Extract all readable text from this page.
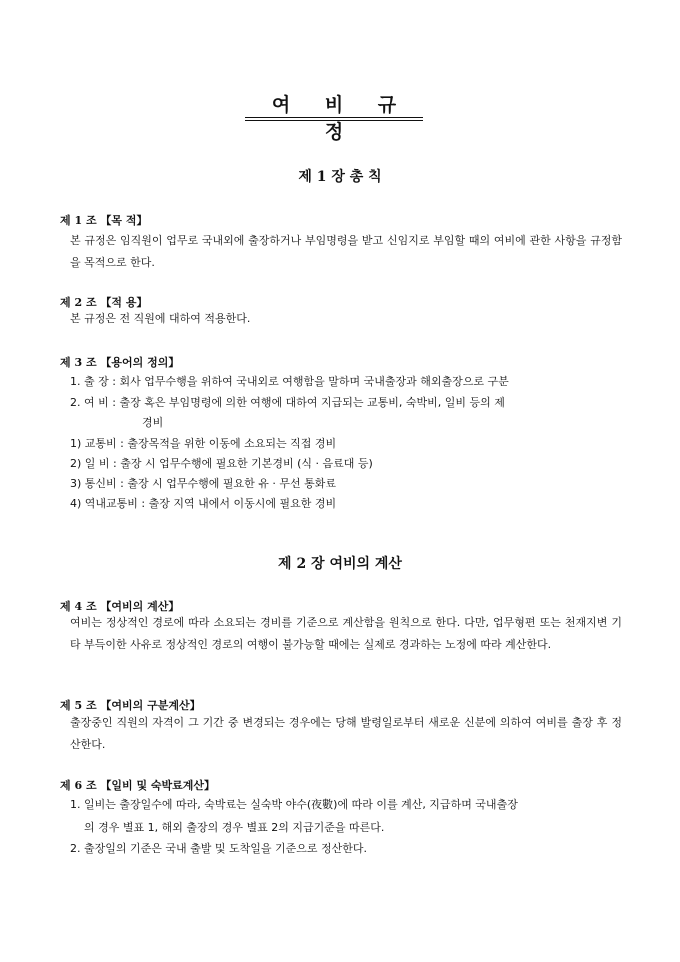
여 비 규 정
제 1 장 총 칙
제 1 조 【목 적】
본 규정은 임직원이 업무로 국내외에 출장하거나 부임명령을 받고 신임지로 부임할 때의 여비에 관한 사항을 규정함을 목적으로 한다.
제 2 조 【적 용】
본 규정은 전 직원에 대하여 적용한다.
제 3 조 【용어의 정의】
1. 출 장 : 회사 업무수행을 위하여 국내외로 여행함을 말하며 국내출장과 해외출장으로 구분
2. 여 비 : 출장 혹은 부임명령에 의한 여행에 대하여 지급되는 교통비, 숙박비, 일비 등의 제
경비
1) 교통비 : 출장목적을 위한 이동에 소요되는 직접 경비
2) 일 비 : 출장 시 업무수행에 필요한 기본경비 (식 · 음료대 등)
3) 통신비 : 출장 시 업무수행에 필요한 유 · 무선 통화료
4) 역내교통비 : 출장 지역 내에서 이동시에 필요한 경비
제 2 장 여비의 계산
제 4 조 【여비의 계산】
여비는 정상적인 경로에 따라 소요되는 경비를 기준으로 계산함을 원칙으로 한다. 다만, 업무형편 또는 천재지변 기타 부득이한 사유로 정상적인 경로의 여행이 불가능할 때에는 실제로 경과하는 노정에 따라 계산한다.
제 5 조 【여비의 구분계산】
출장중인 직원의 자격이 그 기간 중 변경되는 경우에는 당해 발령일로부터 새로운 신분에 의하여 여비를 출장 후 정산한다.
제 6 조 【일비 및 숙박료계산】
1. 일비는 출장일수에 따라, 숙박료는 실숙박 야수(夜數)에 따라 이를 계산, 지급하며 국내출장
의 경우 별표 1, 해외 출장의 경우 별표 2의 지급기준을 따른다.
2. 출장일의 기준은 국내 출발 및 도착일을 기준으로 정산한다.
